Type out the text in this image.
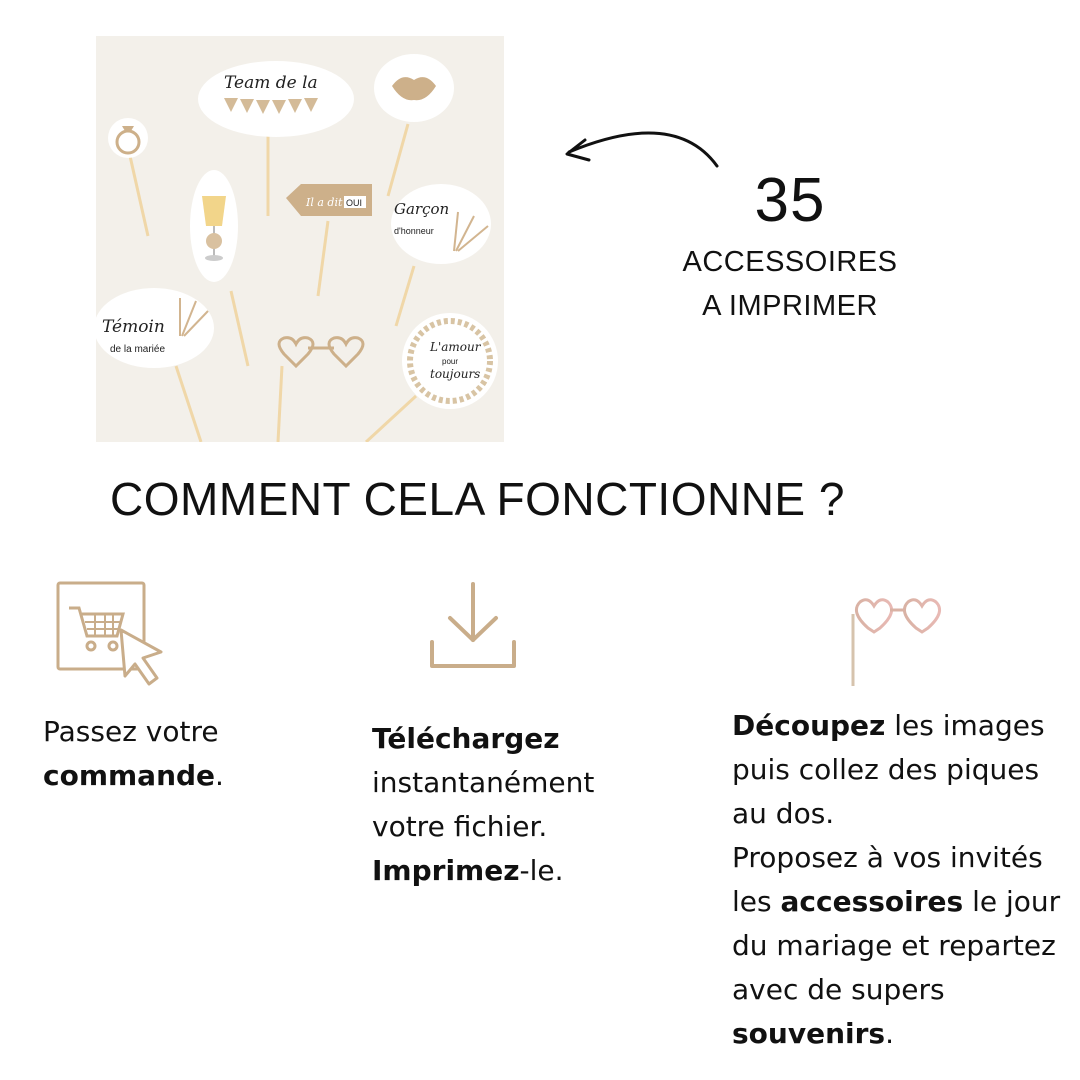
Team de la
Il a dit OUI Garçon
d'honneur
Témoin
de la mariée	L'amour
pour
toujours
35
ACCESSOIRES
A IMPRIMER
COMMENT CELA FONCTIONNE ?
Passez votre
commande.
Téléchargez
instantanément votre fichier.
Imprimez-le.
Découpez les images puis collez des piques au dos.
Proposez à vos invités les accessoires le jour du mariage et repartez avec de supers souvenirs.
